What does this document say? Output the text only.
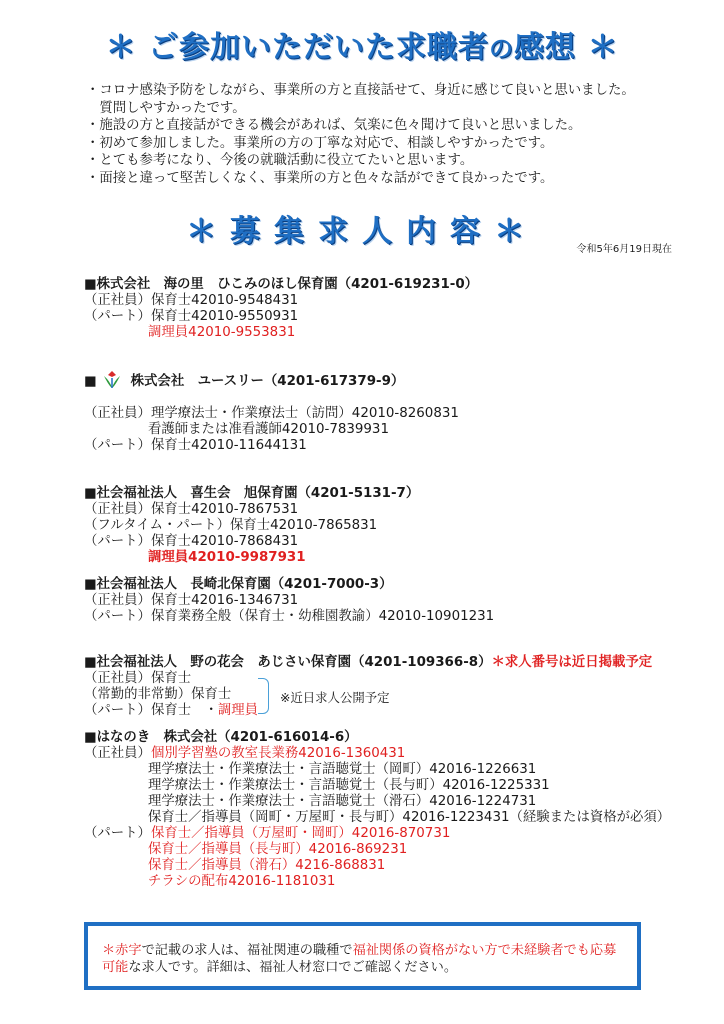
＊ ご参加いただいた求職者の感想 ＊
・コロナ感染予防をしながら、事業所の方と直接話せて、身近に感じて良いと思いました。
　質問しやすかったです。
・施設の方と直接話ができる機会があれば、気楽に色々聞けて良いと思いました。
・初めて参加しました。事業所の方の丁寧な対応で、相談しやすかったです。
・とても参考になり、今後の就職活動に役立てたいと思います。
・面接と違って堅苦しくなく、事業所の方と色々な話ができて良かったです。
＊募集求人内容＊
令和5年6月19日現在
■株式会社　海の里　ひこみのほし保育園（4201-619231-0）
（正社員）保育士42010-9548431
（パート）保育士42010-9550931
調理員42010-9553831
■	株式会社　ユースリー（4201-617379-9）
（正社員）理学療法士・作業療法士（訪問）42010-8260831
看護師または准看護師42010-7839931
（パート）保育士42010-11644131
■社会福祉法人　喜生会　旭保育園（4201-5131-7）
（正社員）保育士42010-7867531
（フルタイム・パート）保育士42010-7865831
（パート）保育士42010-7868431
調理員42010-9987931
■社会福祉法人　長崎北保育園（4201-7000-3）
（正社員）保育士42016-1346731
（パート）保育業務全般（保育士・幼稚園教諭）42010-10901231
■社会福祉法人　野の花会　あじさい保育園（4201-109366-8）＊求人番号は近日掲載予定
（正社員）保育士
（常勤的非常勤）保育士
（パート）保育士　・調理員
※近日求人公開予定
■はなのき　株式会社（4201-616014-6）
（正社員）個別学習塾の教室長業務42016-1360431
理学療法士・作業療法士・言語聴覚士（岡町）42016-1226631
理学療法士・作業療法士・言語聴覚士（長与町）42016-1225331
理学療法士・作業療法士・言語聴覚士（滑石）42016-1224731
保育士／指導員（岡町・万屋町・長与町）42016-1223431（経験または資格が必須）
（パート）保育士／指導員（万屋町・岡町）42016-870731
保育士／指導員（長与町）42016-869231
保育士／指導員（滑石）4216-868831
チラシの配布42016-1181031
＊赤字で記載の求人は、福祉関連の職種で福祉関係の資格がない方で未経験者でも応募可能な求人です。詳細は、福祉人材窓口でご確認ください。
